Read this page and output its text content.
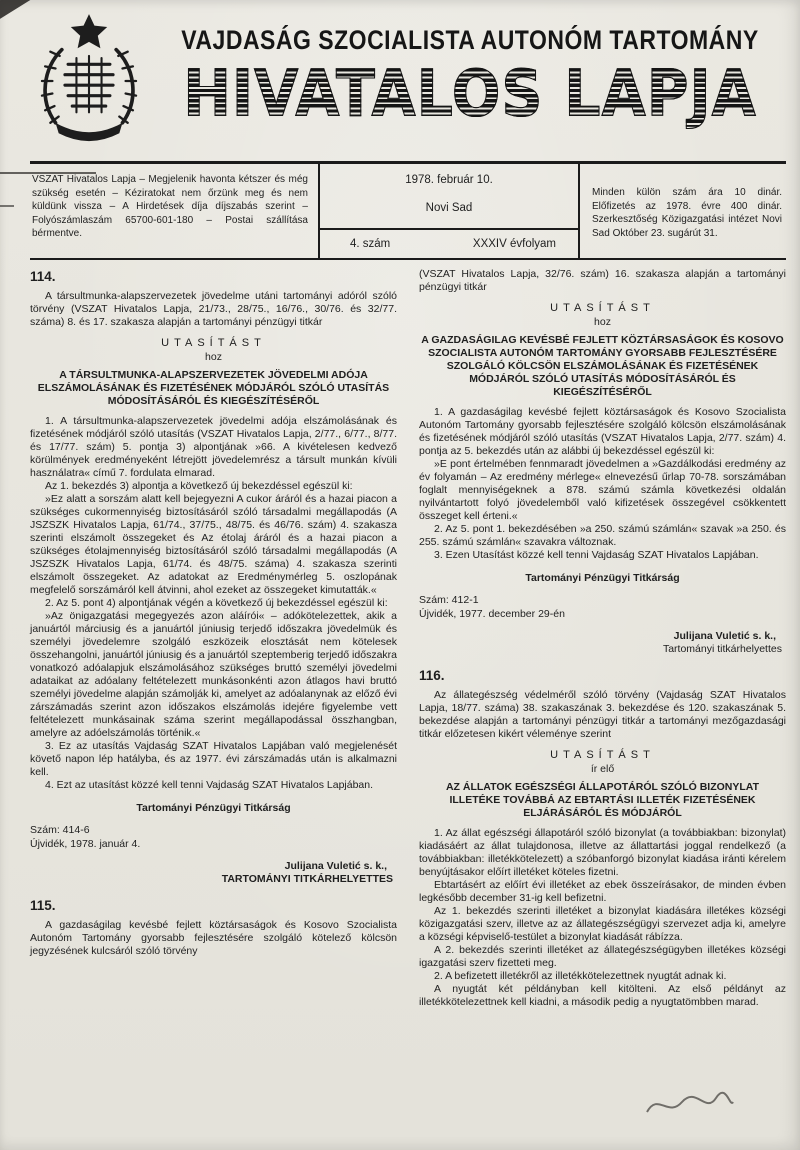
VAJDASÁG SZOCIALISTA AUTONÓM TARTOMÁNY
HIVATALOS LAPJA
VSZAT Hivatalos Lapja – Megjelenik havonta kétszer és még szükség esetén – Kéziratokat nem őrzünk meg és nem küldünk vissza – A Hirdetések díja díjszabás szerint – Folyószámlaszám 65700-601-180 – Postai szállítása bérmentve.
1978. február 10.
Novi Sad
4. szám	XXXIV évfolyam
Minden külön szám ára 10 dinár. Előfizetés az 1978. évre 400 dinár. Szerkesztőség Közigazgatási intézet Novi Sad Október 23. sugárút 31.
114.
A társultmunka-alapszervezetek jövedelme utáni tartományi adóról szóló törvény (VSZAT Hivatalos Lapja, 21/73., 28/75., 16/76., 30/76. és 32/77. száma) 8. és 17. szakasza alapján a tartományi pénzügyi titkár
UTASÍTÁST
hoz
A TÁRSULTMUNKA-ALAPSZERVEZETEK JÖVEDELMI ADÓJA ELSZÁMOLÁSÁNAK ÉS FIZETÉSÉNEK MÓDJÁRÓL SZÓLÓ UTASÍTÁS MÓDOSÍTÁSÁRÓL ÉS KIEGÉSZÍTÉSÉRŐL
1. A társultmunka-alapszervezetek jövedelmi adója elszámolásának és fizetésének módjáról szóló utasítás (VSZAT Hivatalos Lapja, 2/77., 6/77., 8/77. és 17/77. szám) 5. pontja 3) alpontjának »66. A kivételesen kedvező körülmények eredményeként létrejött jövedelemrész a társult munkán kívüli használatra« című 7. fordulata elmarad.
Az 1. bekezdés 3) alpontja a következő új bekezdéssel egészül ki:
»Ez alatt a sorszám alatt kell bejegyezni A cukor áráról és a hazai piacon a szükséges cukormennyiség biztosításáról szóló társadalmi megállapodás (A JSZSZK Hivatalos Lapja, 61/74., 37/75., 48/75. és 46/76. szám) 4. szakasza szerinti elszámolt összegeket és Az étolaj áráról és a hazai piacon a szükséges étolajmennyiség biztosításáról szóló társadalmi megállapodás (A JSZSZK Hivatalos Lapja, 61/74. és 48/75. száma) 4. szakasza szerinti elszámolt összegeket. Az adatokat az Eredménymérleg 5. oszlopának megfelelő sorszámáról kell átvinni, ahol ezeket az összegeket kimutatták.«
2. Az 5. pont 4) alpontjának végén a következő új bekezdéssel egészül ki:
»Az önigazgatási megegyezés azon aláírói« – adókötelezettek, akik a januártól márciusig és a januártól júniusig terjedő időszakra jövedelmük és személyi jövedelemre szolgáló eszközeik elosztását nem kötelesek összehangolni, januártól júniusig és a januártól szeptemberig terjedő időszakra vonatkozó adóalapjuk elszámolásához szükséges bruttó személyi jövedelmi adataikat az adóalany feltételezett munkásonkénti azon átlagos havi bruttó személyi jövedelme alapján számolják ki, amelyet az adóalanynak az előző évi zárszámadás szerint azon időszakos elszámolás idejére figyelembe vett feltételezett munkásainak száma szerint megállapodással összhangban, amelyre az adóelszámolás történik.«
3. Ez az utasítás Vajdaság SZAT Hivatalos Lapjában való megjelenését követő napon lép hatályba, és az 1977. évi zárszámadás után is alkalmazni kell.
4. Ezt az utasítást közzé kell tenni Vajdaság SZAT Hivatalos Lapjában.
Tartományi Pénzügyi Titkárság
Szám: 414-6
Újvidék, 1978. január 4.
Julijana Vuletić s. k.,
TARTOMÁNYI TITKÁRHELYETTES
115.
A gazdaságilag kevésbé fejlett köztársaságok és Kosovo Szocialista Autonóm Tartomány gyorsabb fejlesztésére szolgáló kötelező kölcsön jegyzésének kulcsáról szóló törvény
(VSZAT Hivatalos Lapja, 32/76. szám) 16. szakasza alapján a tartományi pénzügyi titkár
UTASÍTÁST
hoz
A GAZDASÁGILAG KEVÉSBÉ FEJLETT KÖZTÁRSASÁGOK ÉS KOSOVO SZOCIALISTA AUTONÓM TARTOMÁNY GYORSABB FEJLESZTÉSÉRE SZOLGÁLÓ KÖLCSÖN ELSZÁMOLÁSÁNAK ÉS FIZETÉSÉNEK MÓDJÁRÓL SZÓLÓ UTASÍTÁS MÓDOSÍTÁSÁRÓL ÉS KIEGÉSZÍTÉSÉRŐL
1. A gazdaságilag kevésbé fejlett köztársaságok és Kosovo Szocialista Autonóm Tartomány gyorsabb fejlesztésére szolgáló kölcsön elszámolásának és fizetésének módjáról szóló utasítás (VSZAT Hivatalos Lapja, 2/77. szám) 4. pontja az 5. bekezdés után az alábbi új bekezdéssel egészül ki:
»E pont értelmében fennmaradt jövedelmen a »Gazdálkodási eredmény az év folyamán – Az eredmény mérlege« elnevezésű űrlap 70-78. sorszámában foglalt mennyiségeknek a 878. számú számla következési oldalán nyilvántartott folyó jövedelemből való kifizetések összegével csökkentett összeget kell érteni.«
2. Az 5. pont 1. bekezdésében »a 250. számú számlán« szavak »a 250. és 255. számú számlán« szavakra változnak.
3. Ezen Utasítást közzé kell tenni Vajdaság SZAT Hivatalos Lapjában.
Tartományi Pénzügyi Titkárság
Szám: 412-1
Újvidék, 1977. december 29-én
Julijana Vuletić s. k.,
Tartományi titkárhelyettes
116.
Az állategészség védelméről szóló törvény (Vajdaság SZAT Hivatalos Lapja, 18/77. száma) 38. szakaszának 3. bekezdése és 120. szakaszának 5. bekezdése alapján a tartományi pénzügyi titkár a tartományi mezőgazdasági titkár előzetesen kikért véleménye szerint
UTASÍTÁST
ír elő
AZ ÁLLATOK EGÉSZSÉGI ÁLLAPOTÁRÓL SZÓLÓ BIZONYLAT ILLETÉKE TOVÁBBÁ AZ EBTARTÁSI ILLETÉK FIZETÉSÉNEK ELJÁRÁSÁRÓL ÉS MÓDJÁRÓL
1. Az állat egészségi állapotáról szóló bizonylat (a továbbiakban: bizonylat) kiadásáért az állat tulajdonosa, illetve az állattartási joggal rendelkező (a továbbiakban: illetékkötelezett) a szóbanforgó bizonylat kiadása iránti kérelem benyújtásakor előírt illetéket köteles fizetni.
Ebtartásért az előírt évi illetéket az ebek összeírásakor, de minden évben legkésőbb december 31-ig kell befizetni.
Az 1. bekezdés szerinti illetéket a bizonylat kiadására illetékes községi közigazgatási szerv, illetve az az állategészségügyi szervezet adja ki, amelyre a községi képviselő-testület a bizonylat kiadását rábízza.
A 2. bekezdés szerinti illetéket az állategészségügyben illetékes községi igazgatási szerv fizetteti meg.
2. A befizetett illetékről az illetékkötelezettnek nyugtát adnak ki.
A nyugtát két példányban kell kitölteni. Az első példányt az illetékkötelezettnek kell kiadni, a második pedig a nyugtatömbben marad.
